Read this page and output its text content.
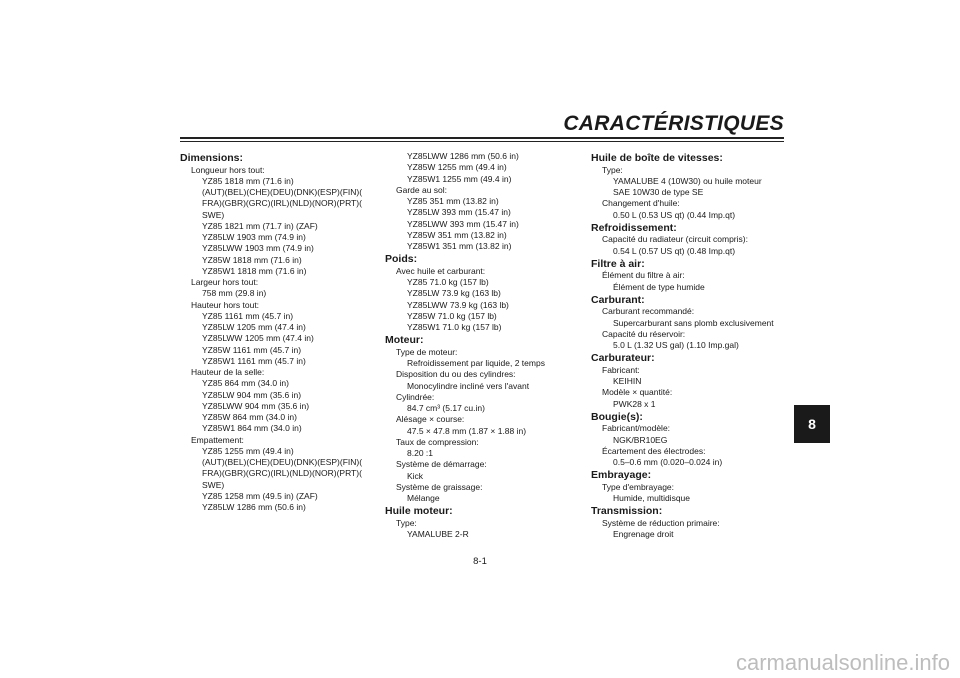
CARACTÉRISTIQUES
Dimensions:
Longueur hors tout:
YZ85 1818 mm (71.6 in)
(AUT)(BEL)(CHE)(DEU)(DNK)(ESP)(FIN)(
FRA)(GBR)(GRC)(IRL)(NLD)(NOR)(PRT)(
SWE)
YZ85 1821 mm (71.7 in) (ZAF)
YZ85LW 1903 mm (74.9 in)
YZ85LWW 1903 mm (74.9 in)
YZ85W 1818 mm (71.6 in)
YZ85W1 1818 mm (71.6 in)
Largeur hors tout:
758 mm (29.8 in)
Hauteur hors tout:
YZ85 1161 mm (45.7 in)
YZ85LW 1205 mm (47.4 in)
YZ85LWW 1205 mm (47.4 in)
YZ85W 1161 mm (45.7 in)
YZ85W1 1161 mm (45.7 in)
Hauteur de la selle:
YZ85 864 mm (34.0 in)
YZ85LW 904 mm (35.6 in)
YZ85LWW 904 mm (35.6 in)
YZ85W 864 mm (34.0 in)
YZ85W1 864 mm (34.0 in)
Empattement:
YZ85 1255 mm (49.4 in)
(AUT)(BEL)(CHE)(DEU)(DNK)(ESP)(FIN)(
FRA)(GBR)(GRC)(IRL)(NLD)(NOR)(PRT)(
SWE)
YZ85 1258 mm (49.5 in) (ZAF)
YZ85LW 1286 mm (50.6 in)
YZ85LWW 1286 mm (50.6 in)
YZ85W 1255 mm (49.4 in)
YZ85W1 1255 mm (49.4 in)
Garde au sol:
YZ85 351 mm (13.82 in)
YZ85LW 393 mm (15.47 in)
YZ85LWW 393 mm (15.47 in)
YZ85W 351 mm (13.82 in)
YZ85W1 351 mm (13.82 in)
Poids:
Avec huile et carburant:
YZ85 71.0 kg (157 lb)
YZ85LW 73.9 kg (163 lb)
YZ85LWW 73.9 kg (163 lb)
YZ85W 71.0 kg (157 lb)
YZ85W1 71.0 kg (157 lb)
Moteur:
Type de moteur:
Refroidissement par liquide, 2 temps
Disposition du ou des cylindres:
Monocylindre incliné vers l'avant
Cylindrée:
84.7 cm³ (5.17 cu.in)
Alésage × course:
47.5 × 47.8 mm (1.87 × 1.88 in)
Taux de compression:
8.20 :1
Système de démarrage:
Kick
Système de graissage:
Mélange
Huile moteur:
Type:
YAMALUBE 2-R
Huile de boîte de vitesses:
Type:
YAMALUBE 4 (10W30) ou huile moteur
SAE 10W30 de type SE
Changement d'huile:
0.50 L (0.53 US qt) (0.44 Imp.qt)
Refroidissement:
Capacité du radiateur (circuit compris):
0.54 L (0.57 US qt) (0.48 Imp.qt)
Filtre à air:
Élément du filtre à air:
Élément de type humide
Carburant:
Carburant recommandé:
Supercarburant sans plomb exclusivement
Capacité du réservoir:
5.0 L (1.32 US gal) (1.10 Imp.gal)
Carburateur:
Fabricant:
KEIHIN
Modèle × quantité:
PWK28 x 1
Bougie(s):
Fabricant/modèle:
NGK/BR10EG
Écartement des électrodes:
0.5–0.6 mm (0.020–0.024 in)
Embrayage:
Type d'embrayage:
Humide, multidisque
Transmission:
Système de réduction primaire:
Engrenage droit
8
8-1
carmanualsonline.info
